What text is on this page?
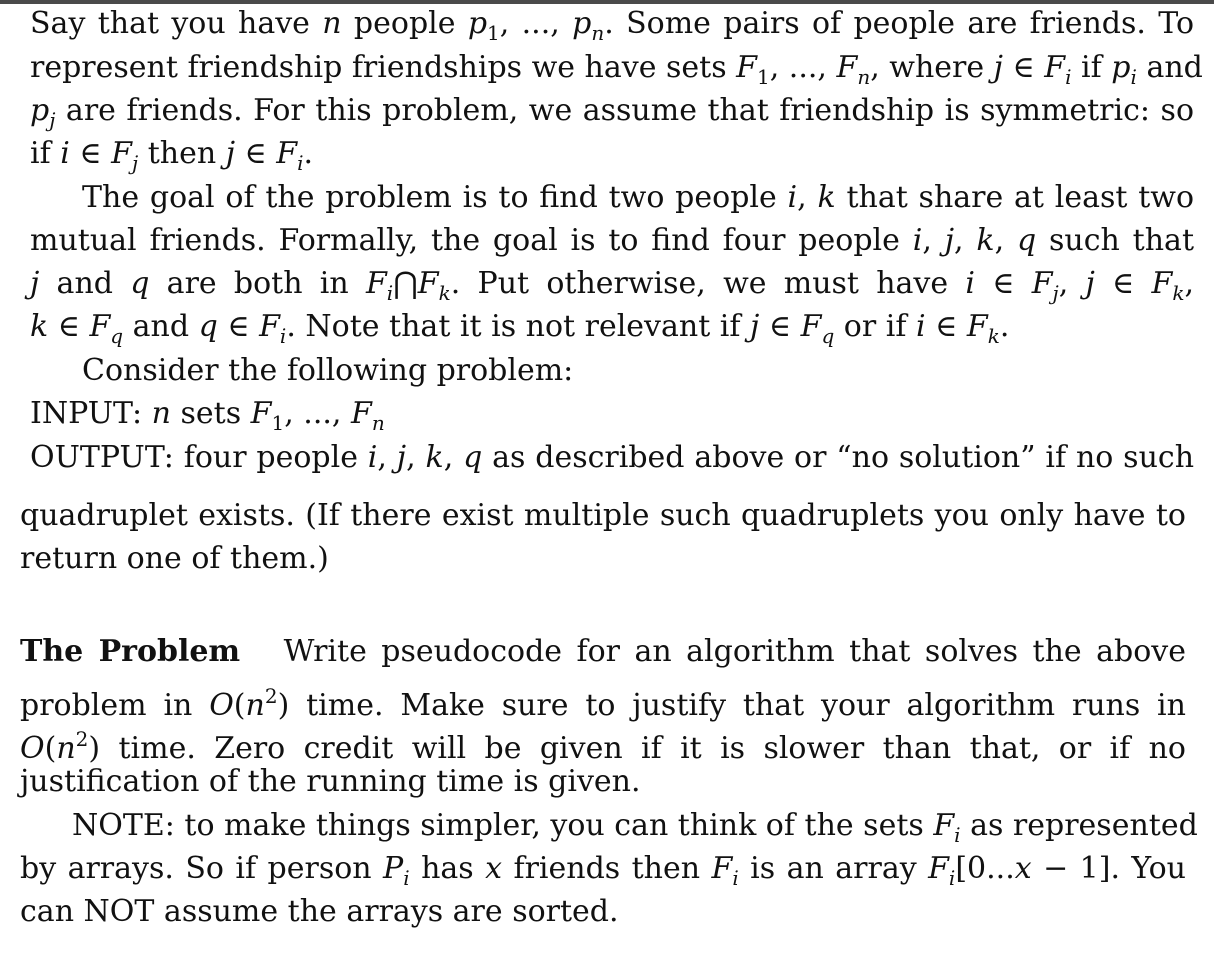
Say that you have n people $p_1$, ..., $p_n$. Some pairs of people are friends. To
represent friendship friendships we have sets $F_1$, ..., $F_n$, where j ∈ $F_i$ if $p_i$ and
$p_j$ are friends. For this problem, we assume that friendship is symmetric: so
if i ∈ $F_j$ then j ∈ $F_i$.
The goal of the problem is to find two people i, k that share at least two
mutual friends. Formally, the goal is to find four people i, j, k, q such that
j and q are both in $F_i⋂F_k$. Put otherwise, we must have i ∈ $F_j$, j ∈ $F_k$,
k ∈ $F_q$ and q ∈ $F_i$. Note that it is not relevant if j ∈ $F_q$ or if i ∈ $F_k$.
Consider the following problem:
INPUT: n sets $F_1$, ..., $F_n$
OUTPUT: four people i, j, k, q as described above or “no solution” if no such
quadruplet exists. (If there exist multiple such quadruplets you only have to
return one of them.)
The Problem Write pseudocode for an algorithm that solves the above
problem in $O(n^2)$ time. Make sure to justify that your algorithm runs in
$O(n^2)$ time. Zero credit will be given if it is slower than that, or if no
justification of the running time is given.
NOTE: to make things simpler, you can think of the sets $F_i$ as represented
by arrays. So if person $P_i$ has x friends then $F_i$ is an array $F_i[0...x - 1]$. You
can NOT assume the arrays are sorted.
